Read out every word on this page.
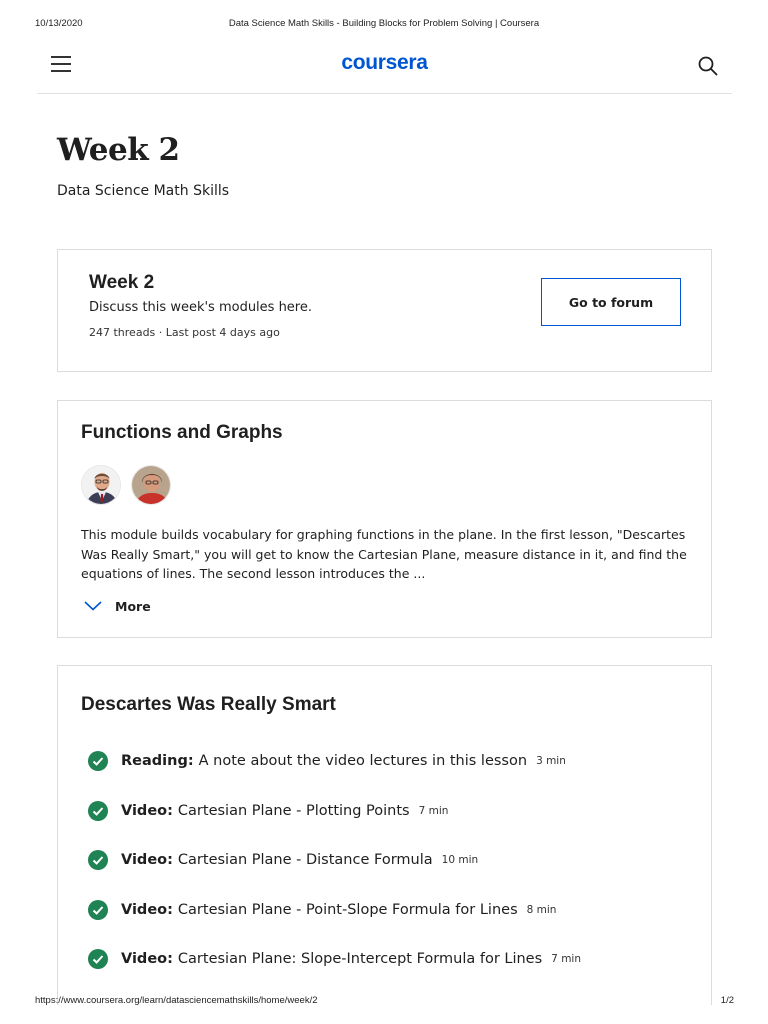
10/13/2020	Data Science Math Skills - Building Blocks for Problem Solving | Coursera
coursera
Week 2
Data Science Math Skills
Week 2
Discuss this week's modules here.
247 threads · Last post 4 days ago
Go to forum
Functions and Graphs
This module builds vocabulary for graphing functions in the plane. In the first lesson, "Descartes Was Really Smart," you will get to know the Cartesian Plane, measure distance in it, and find the equations of lines. The second lesson introduces the ...
More
Descartes Was Really Smart
Reading: A note about the video lectures in this lesson 3 min
Video: Cartesian Plane - Plotting Points 7 min
Video: Cartesian Plane - Distance Formula 10 min
Video: Cartesian Plane - Point-Slope Formula for Lines 8 min
Video: Cartesian Plane: Slope-Intercept Formula for Lines 7 min
https://www.coursera.org/learn/datasciencemathskills/home/week/2	1/2
